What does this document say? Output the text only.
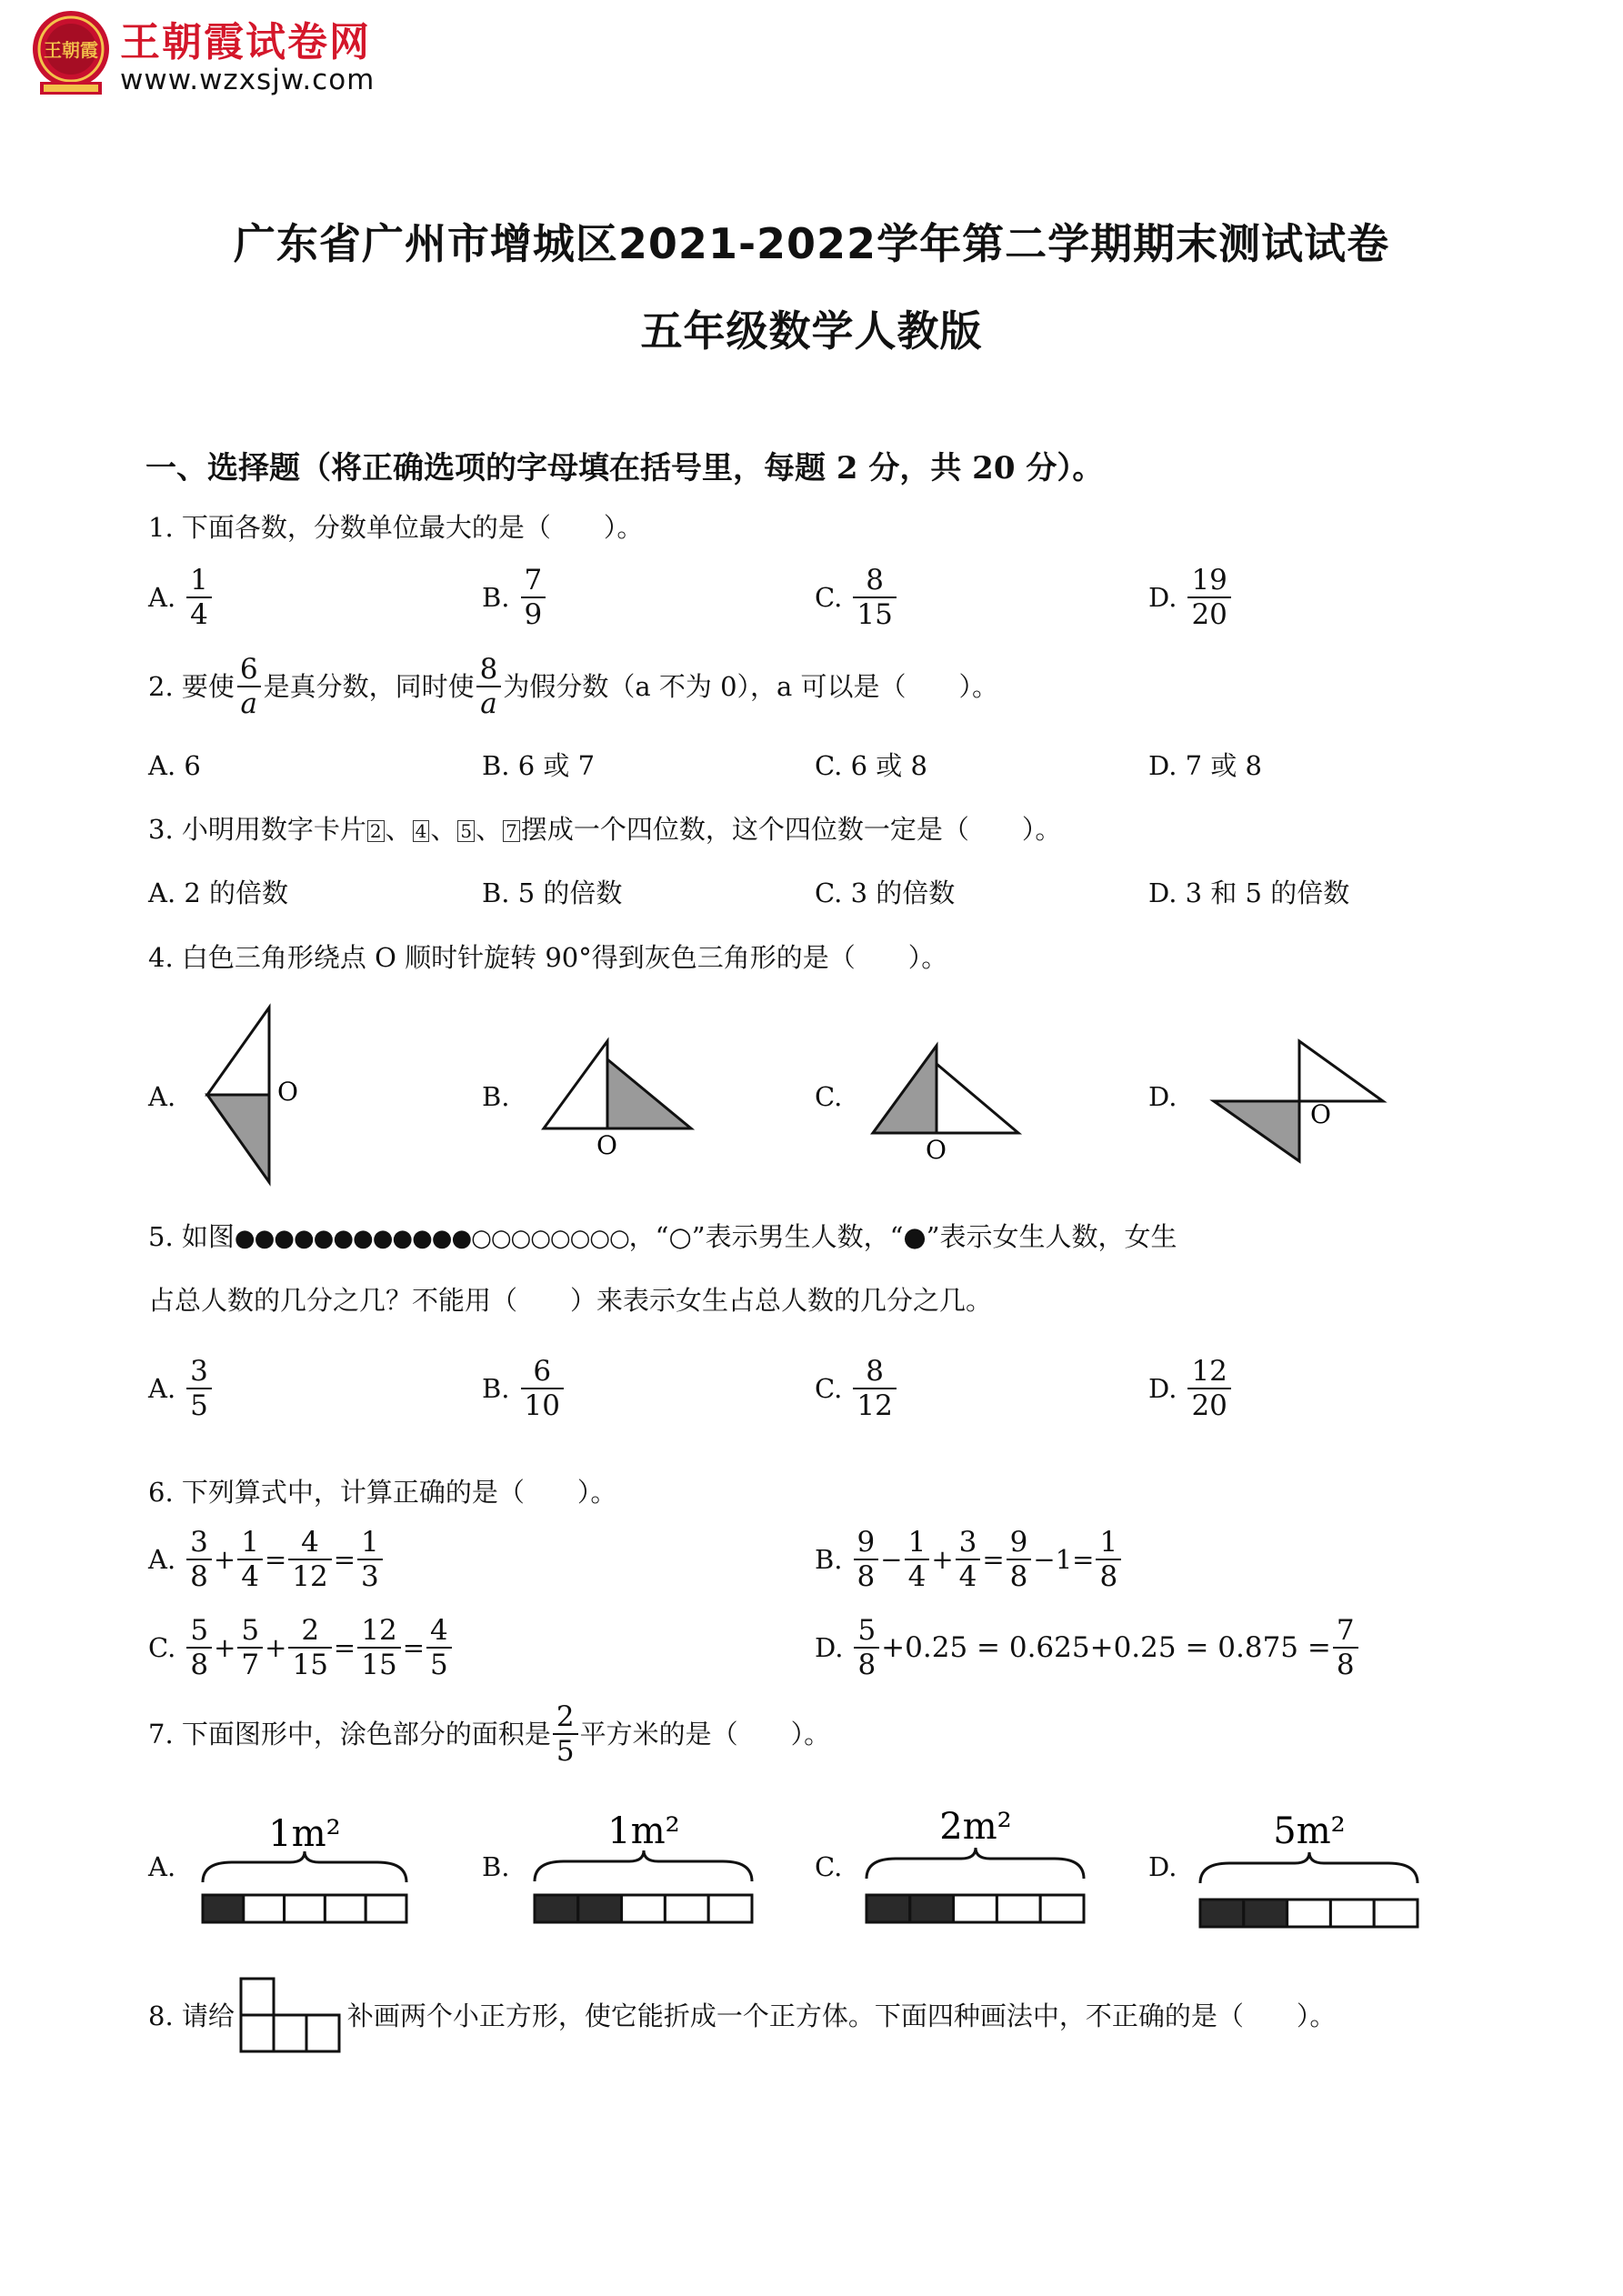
王朝霞 王朝霞试卷网
www.wzxsjw.com
广东省广州市增城区2021-2022学年第二学期期末测试试卷
五年级数学人教版
一、选择题（将正确选项的字母填在括号里，每题 2 分，共 20 分）。
1. 下面各数，分数单位最大的是（　　）。
A. $\frac{1}{4}$	B. $\frac{7}{9}$	C. $\frac{8}{15}$	D. $\frac{19}{20}$
2. 要使 $\frac{6}{a}$ 是真分数，同时使 $\frac{8}{a}$ 为假分数（a 不为 0），a 可以是（　　）。
A. 6	B. 6 或 7	C. 6 或 8	D. 7 或 8
3. 小明用数字卡片 2 、 4 、 5 、 7 摆成一个四位数，这个四位数一定是（　　）。
A. 2 的倍数	B. 5 的倍数	C. 3 的倍数	D. 3 和 5 的倍数
4. 白色三角形绕点 O 顺时针旋转 90°得到灰色三角形的是（　　）。
A.	B.	C.	D.
O
O	O
O
5. 如图●●●●●●●●●●●●○○○○○○○○，“○”表示男生人数，“●”表示女生人数，女生
占总人数的几分之几？不能用（　　）来表示女生占总人数的几分之几。
A. $\frac{3}{5}$	B. $\frac{6}{10}$	C. $\frac{8}{12}$	D. $\frac{12}{20}$
6. 下列算式中，计算正确的是（　　）。
A. $\frac{3}{8} + \frac{1}{4} = \frac{4}{12} = \frac{1}{3}$	B. $\frac{9}{8} - \frac{1}{4} + \frac{3}{4} = \frac{9}{8} -1= \frac{1}{8}$
C. $\frac{5}{8} + \frac{5}{7} + \frac{2}{15} = \frac{12}{15} = \frac{4}{5}$	D. $\frac{5}{8} +0.25 = 0.625+0.25 = 0.875 = \frac{7}{8}$
7. 下面图形中，涂色部分的面积是 $\frac{2}{5}$ 平方米的是（　　）。
A.	B.	C.	D.
1m²	1m²	2m²	5m²
8. 请给	补画两个小正方形，使它能折成一个正方体。下面四种画法中，不正确的是（　　）。
